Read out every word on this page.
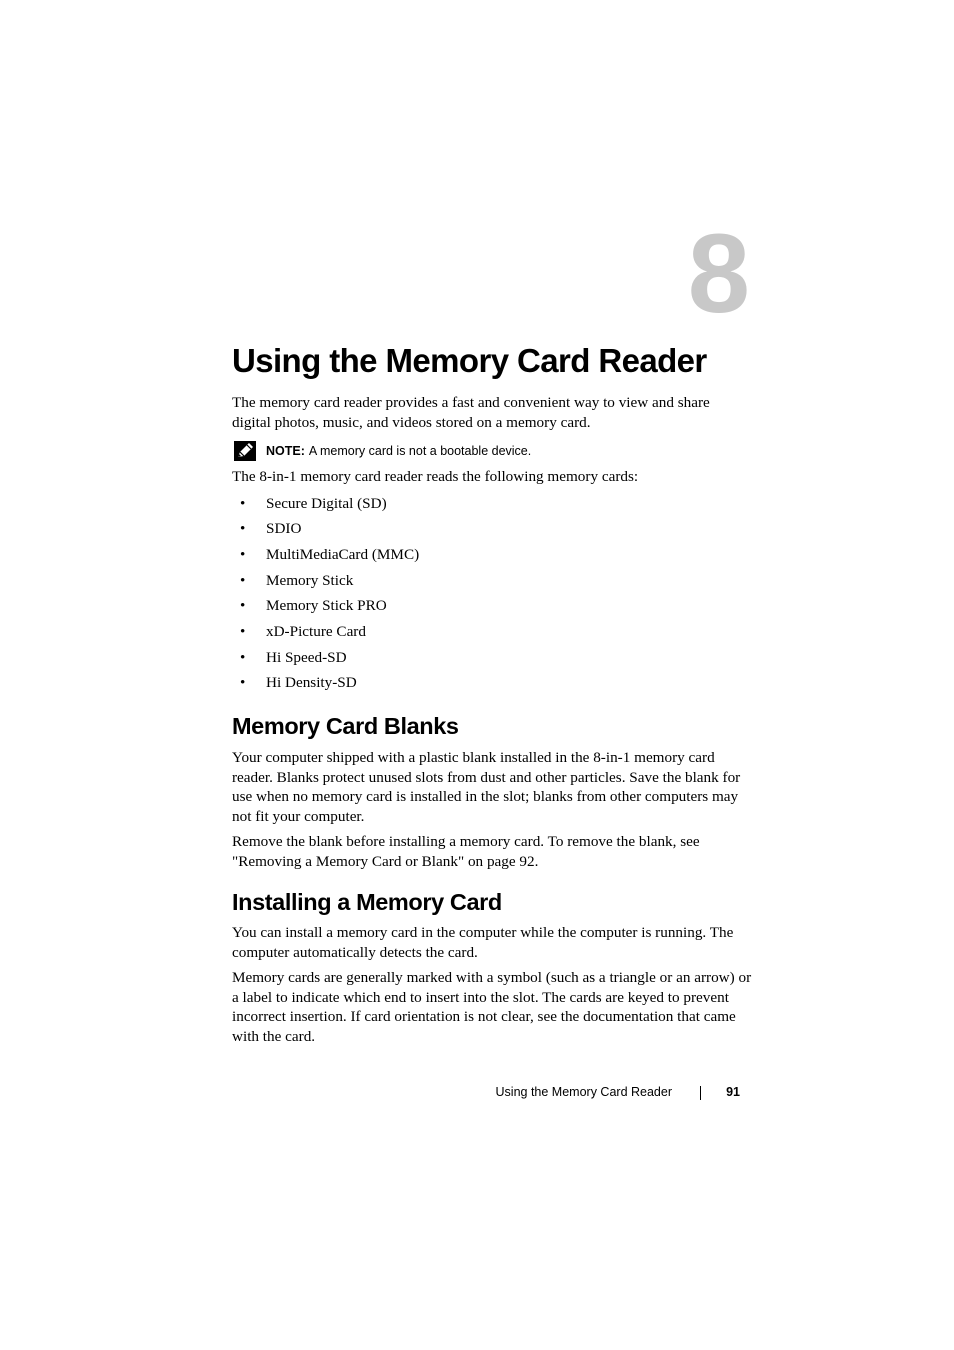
8
Using the Memory Card Reader

The memory card reader provides a fast and convenient way to view and share digital photos, music, and videos stored on a memory card.

NOTE: A memory card is not a bootable device.

The 8-in-1 memory card reader reads the following memory cards:

• Secure Digital (SD)
• SDIO
• MultiMediaCard (MMC)
• Memory Stick
• Memory Stick PRO
• xD-Picture Card
• Hi Speed-SD
• Hi Density-SD
Memory Card Blanks

Your computer shipped with a plastic blank installed in the 8-in-1 memory card reader. Blanks protect unused slots from dust and other particles. Save the blank for use when no memory card is installed in the slot; blanks from other computers may not fit your computer.

Remove the blank before installing a memory card. To remove the blank, see "Removing a Memory Card or Blank" on page 92.

Installing a Memory Card

You can install a memory card in the computer while the computer is running. The computer automatically detects the card.

Memory cards are generally marked with a symbol (such as a triangle or an arrow) or a label to indicate which end to insert into the slot. The cards are keyed to prevent incorrect insertion. If card orientation is not clear, see the documentation that came with the card.

Using the Memory Card Reader	91
